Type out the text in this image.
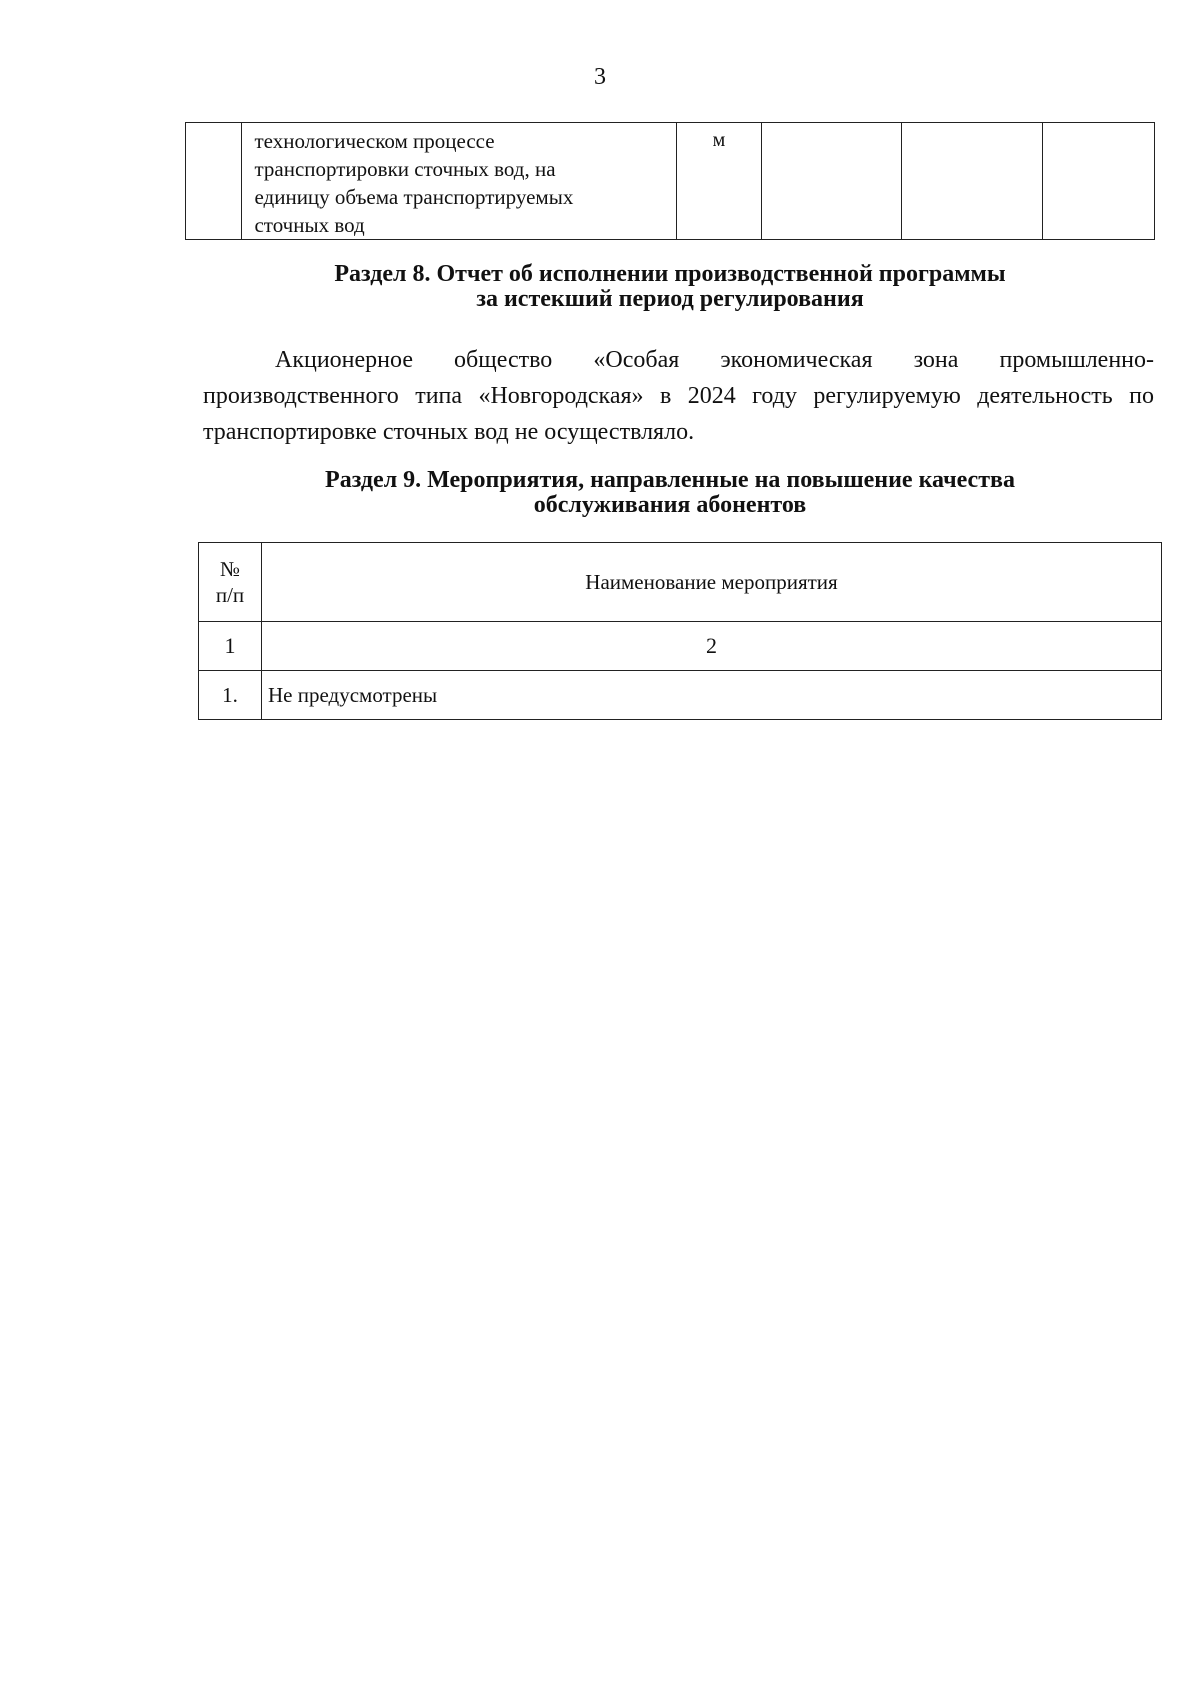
3

технологическом процессе
транспортировки сточных вод, на
единицу объема транспортируемых
сточных вод
	м			
Раздел 8. Отчет об исполнении производственной программы
за истекший период регулирования
Акционерное общество «Особая экономическая зона промышленно-производственного типа «Новгородская» в 2024 году регулируемую деятельность по транспортировке сточных вод не осуществляло.
Раздел 9. Мероприятия, направленные на повышение качества
обслуживания абонентов
№
п/п	Наименование мероприятия
1	2
1.	Не предусмотрены
